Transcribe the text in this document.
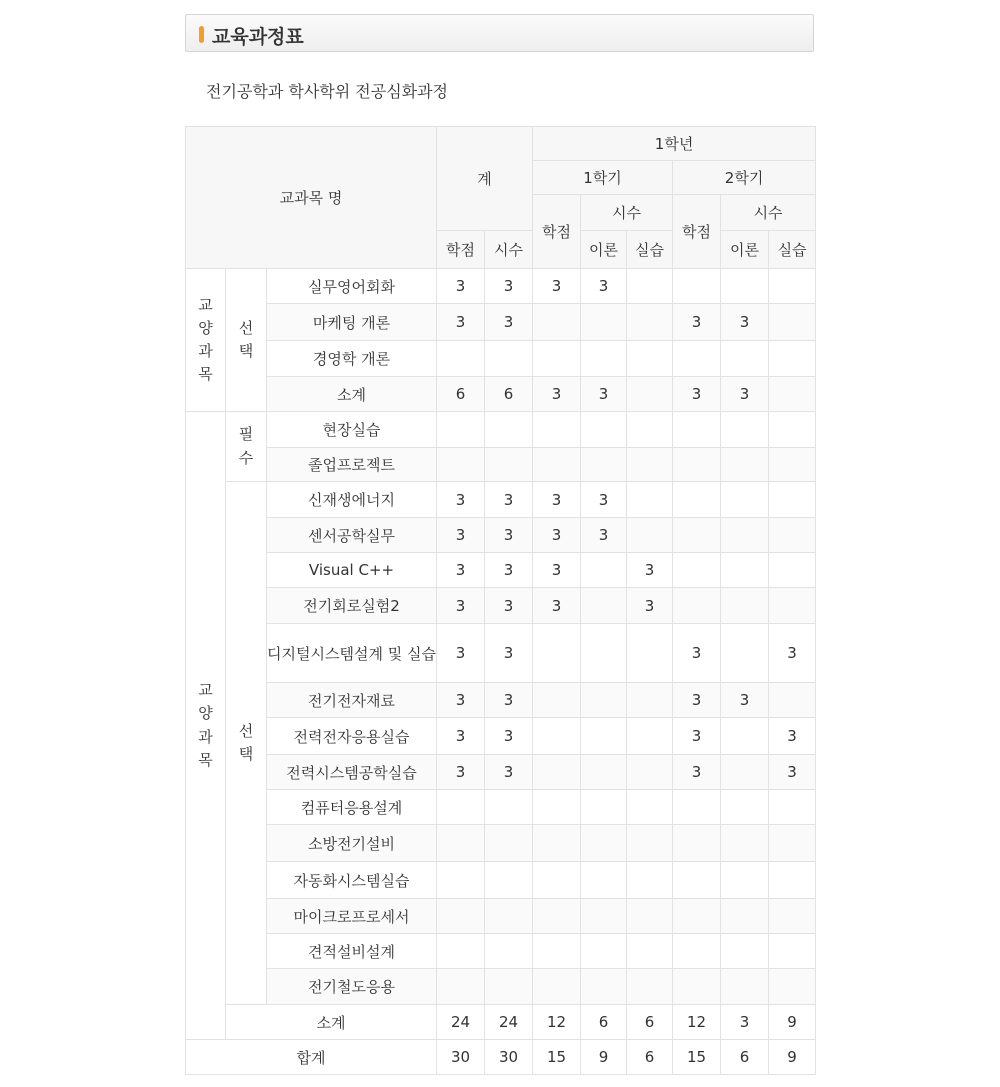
교육과정표
전기공학과 학사학위 전공심화과정
교과목 명			계		1학년					
					1학기			2학기		
					학점	시수		학점	시수	
			학점	시수		이론	실습		이론	실습
교양과목	선택	실무영어회화	3	3	3	3				
		마케팅 개론	3	3				3	3	
		경영학 개론								
		소계	6	6	3	3		3	3	
교양과목	필수	현장실습								
		졸업프로젝트								
	선택	신재생에너지	3	3	3	3				
		센서공학실무	3	3	3	3				
		Visual C++	3	3	3		3			
		전기회로실험2	3	3	3		3			
		디지털시스템설계 및 실습	3	3				3		3
		전기전자재료	3	3				3	3	
		전력전자응용실습	3	3				3		3
		전력시스템공학실습	3	3				3		3
		컴퓨터응용설계								
		소방전기설비								
		자동화시스템실습								
		마이크로프로세서								
		견적설비설계								
		전기철도응용								
	소계		24	24	12	6	6	12	3	9
합계			30	30	15	9	6	15	6	9
